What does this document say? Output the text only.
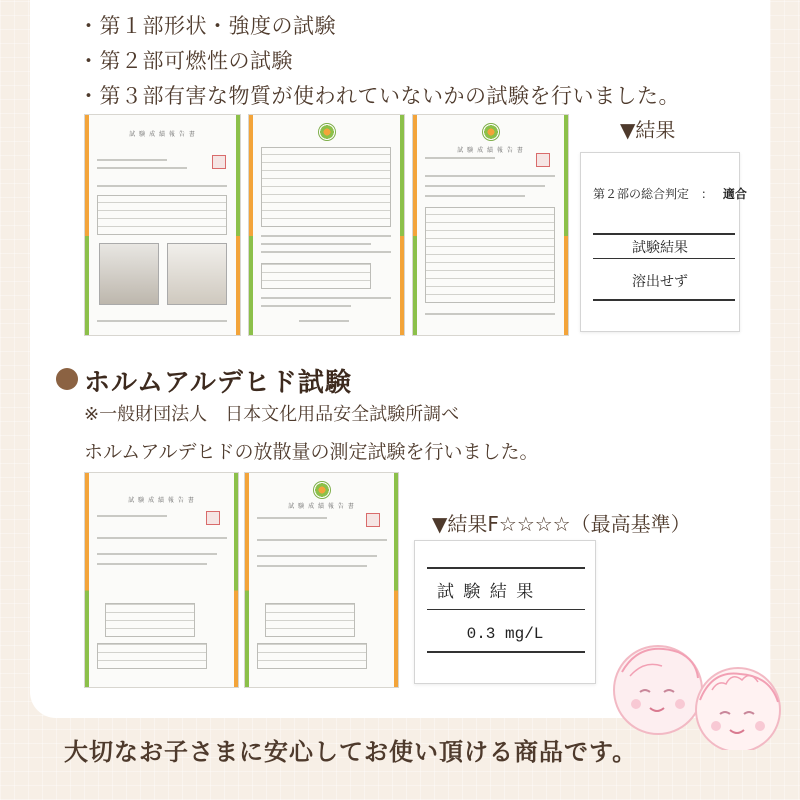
・第１部形状・強度の試験
・第２部可燃性の試験
・第３部有害な物質が使われていないかの試験を行いました。
試 験 成 績 報 告 書
試 験 成 績 報 告 書
▼結果
第２部の総合判定　： 適合
試験結果
溶出せず
ホルムアルデヒド試験
※一般財団法人　日本文化用品安全試験所調べ
ホルムアルデヒドの放散量の測定試験を行いました。
試 験 成 績 報 告 書
試 験 成 績 報 告 書
▼結果F☆☆☆☆（最高基準）
試 験 結 果
0.3 mg/L
大切なお子さまに安心してお使い頂ける商品です。
